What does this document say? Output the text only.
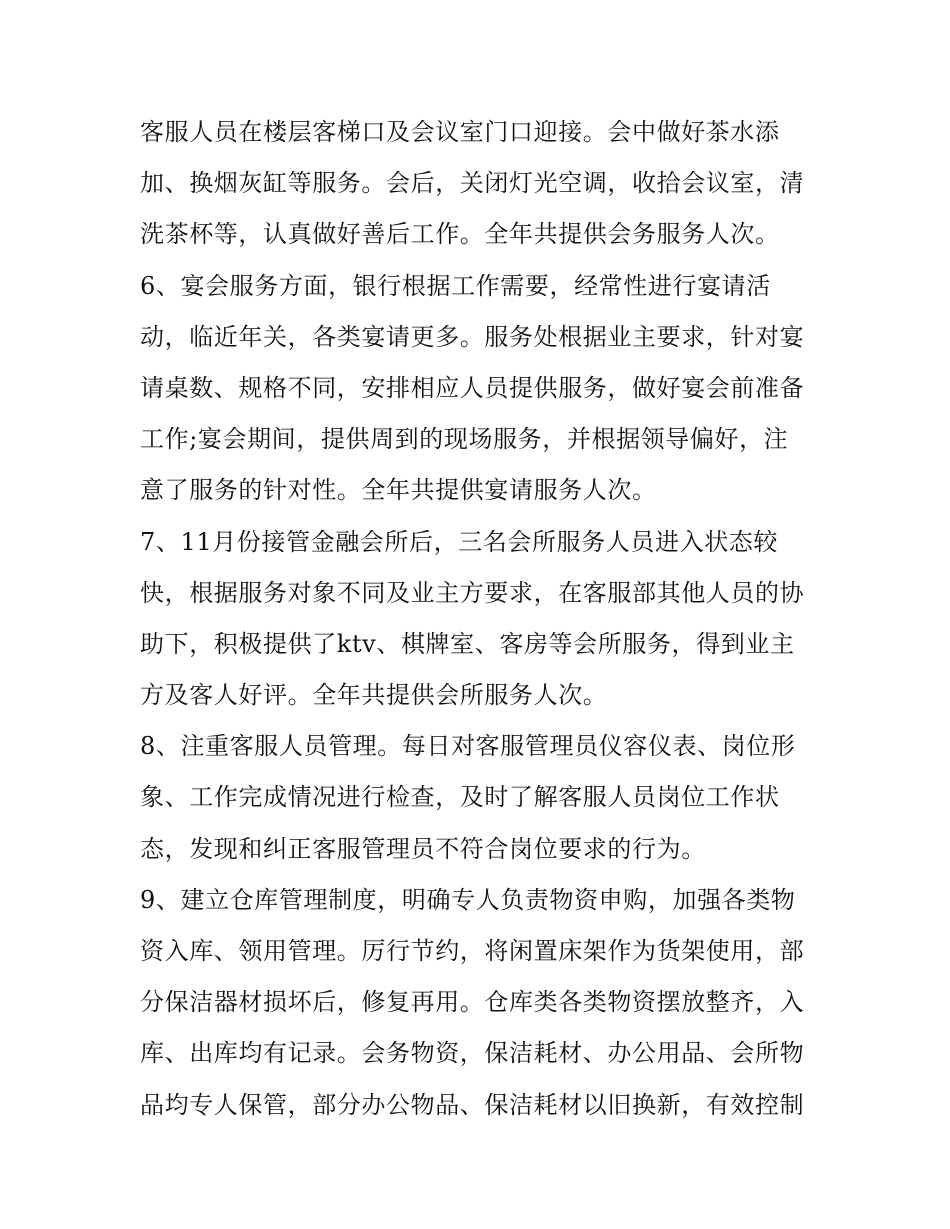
客服人员在楼层客梯口及会议室门口迎接。会中做好茶水添
加、换烟灰缸等服务。会后，关闭灯光空调，收拾会议室，清
洗茶杯等，认真做好善后工作。全年共提供会务服务人次。
6、宴会服务方面，银行根据工作需要，经常性进行宴请活
动，临近年关，各类宴请更多。服务处根据业主要求，针对宴
请桌数、规格不同，安排相应人员提供服务，做好宴会前准备
工作;宴会期间，提供周到的现场服务，并根据领导偏好，注
意了服务的针对性。全年共提供宴请服务人次。
7、11月份接管金融会所后，三名会所服务人员进入状态较
快，根据服务对象不同及业主方要求，在客服部其他人员的协
助下，积极提供了ktv、棋牌室、客房等会所服务，得到业主
方及客人好评。全年共提供会所服务人次。
8、注重客服人员管理。每日对客服管理员仪容仪表、岗位形
象、工作完成情况进行检查，及时了解客服人员岗位工作状
态，发现和纠正客服管理员不符合岗位要求的行为。
9、建立仓库管理制度，明确专人负责物资申购，加强各类物
资入库、领用管理。厉行节约，将闲置床架作为货架使用，部
分保洁器材损坏后，修复再用。仓库类各类物资摆放整齐，入
库、出库均有记录。会务物资，保洁耗材、办公用品、会所物
品均专人保管，部分办公物品、保洁耗材以旧换新，有效控制
